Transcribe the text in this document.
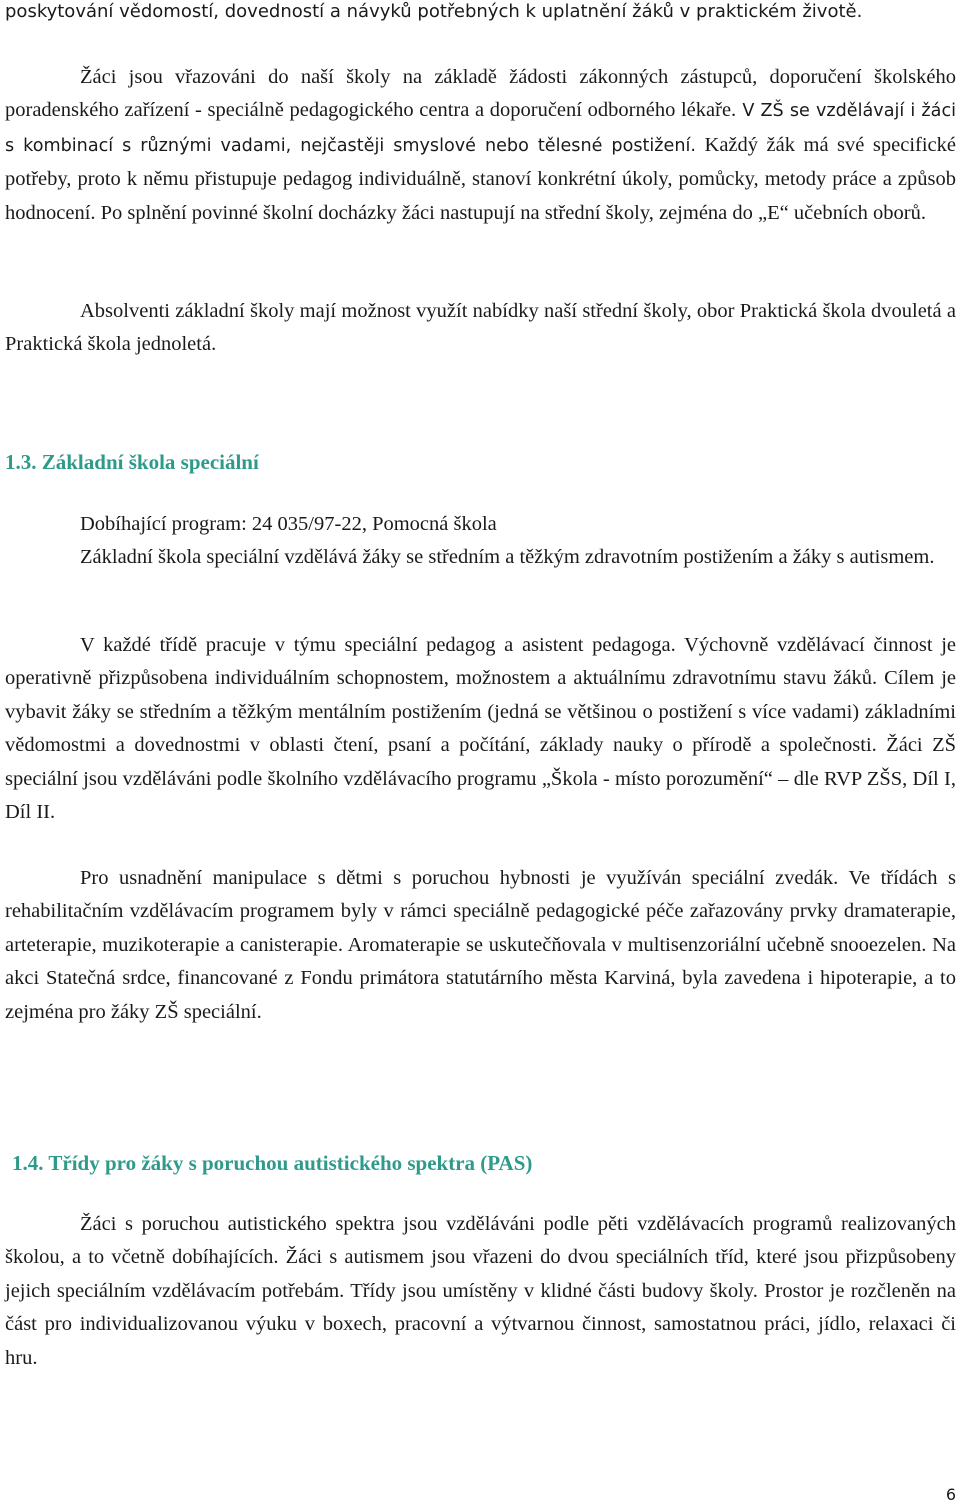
poskytování vědomostí, dovedností a návyků potřebných k uplatnění žáků v praktickém životě.

Žáci jsou vřazováni do naší školy na základě žádosti zákonných zástupců, doporučení školského poradenského zařízení - speciálně pedagogického centra a doporučení odborného lékaře. V ZŠ se vzdělávají i žáci s kombinací s různými vadami, nejčastěji smyslové nebo tělesné postižení. Každý žák má své specifické potřeby, proto k němu přistupuje pedagog individuálně, stanoví konkrétní úkoly, pomůcky, metody práce a způsob hodnocení. Po splnění povinné školní docházky žáci nastupují na střední školy, zejména do „E“ učebních oborů.

Absolventi základní školy mají možnost využít nabídky naší střední školy, obor Praktická škola dvouletá a Praktická škola jednoletá.

1.3. Základní škola speciální

Dobíhající program: 24 035/97-22, Pomocná škola

Základní škola speciální vzdělává žáky se středním a těžkým zdravotním postižením a žáky s autismem.

V každé třídě pracuje v týmu speciální pedagog a asistent pedagoga. Výchovně vzdělávací činnost je operativně přizpůsobena individuálním schopnostem, možnostem a aktuálnímu zdravotnímu stavu žáků. Cílem je vybavit žáky se středním a těžkým mentálním postižením (jedná se většinou o postižení s více vadami) základními vědomostmi a dovednostmi v oblasti čtení, psaní a počítání, základy nauky o přírodě a společnosti. Žáci ZŠ speciální jsou vzděláváni podle školního vzdělávacího programu „Škola - místo porozumění“ – dle RVP ZŠS, Díl I, Díl II.

Pro usnadnění manipulace s dětmi s poruchou hybnosti je využíván speciální zvedák. Ve třídách s rehabilitačním vzdělávacím programem byly v rámci speciálně pedagogické péče zařazovány prvky dramaterapie, arteterapie, muzikoterapie a canisterapie. Aromaterapie se uskutečňovala v multisenzoriální učebně snooezelen. Na akci Statečná srdce, financované z Fondu primátora statutárního města Karviná, byla zavedena i hipoterapie, a to zejména pro žáky ZŠ speciální.

1.4. Třídy pro žáky s poruchou autistického spektra (PAS)

Žáci s poruchou autistického spektra jsou vzděláváni podle pěti vzdělávacích programů realizovaných školou, a to včetně dobíhajících. Žáci s autismem jsou vřazeni do dvou speciálních tříd, které jsou přizpůsobeny jejich speciálním vzdělávacím potřebám. Třídy jsou umístěny v klidné části budovy školy. Prostor je rozčleněn na část pro individualizovanou výuku v boxech, pracovní a výtvarnou činnost, samostatnou práci, jídlo, relaxaci či hru.

6
